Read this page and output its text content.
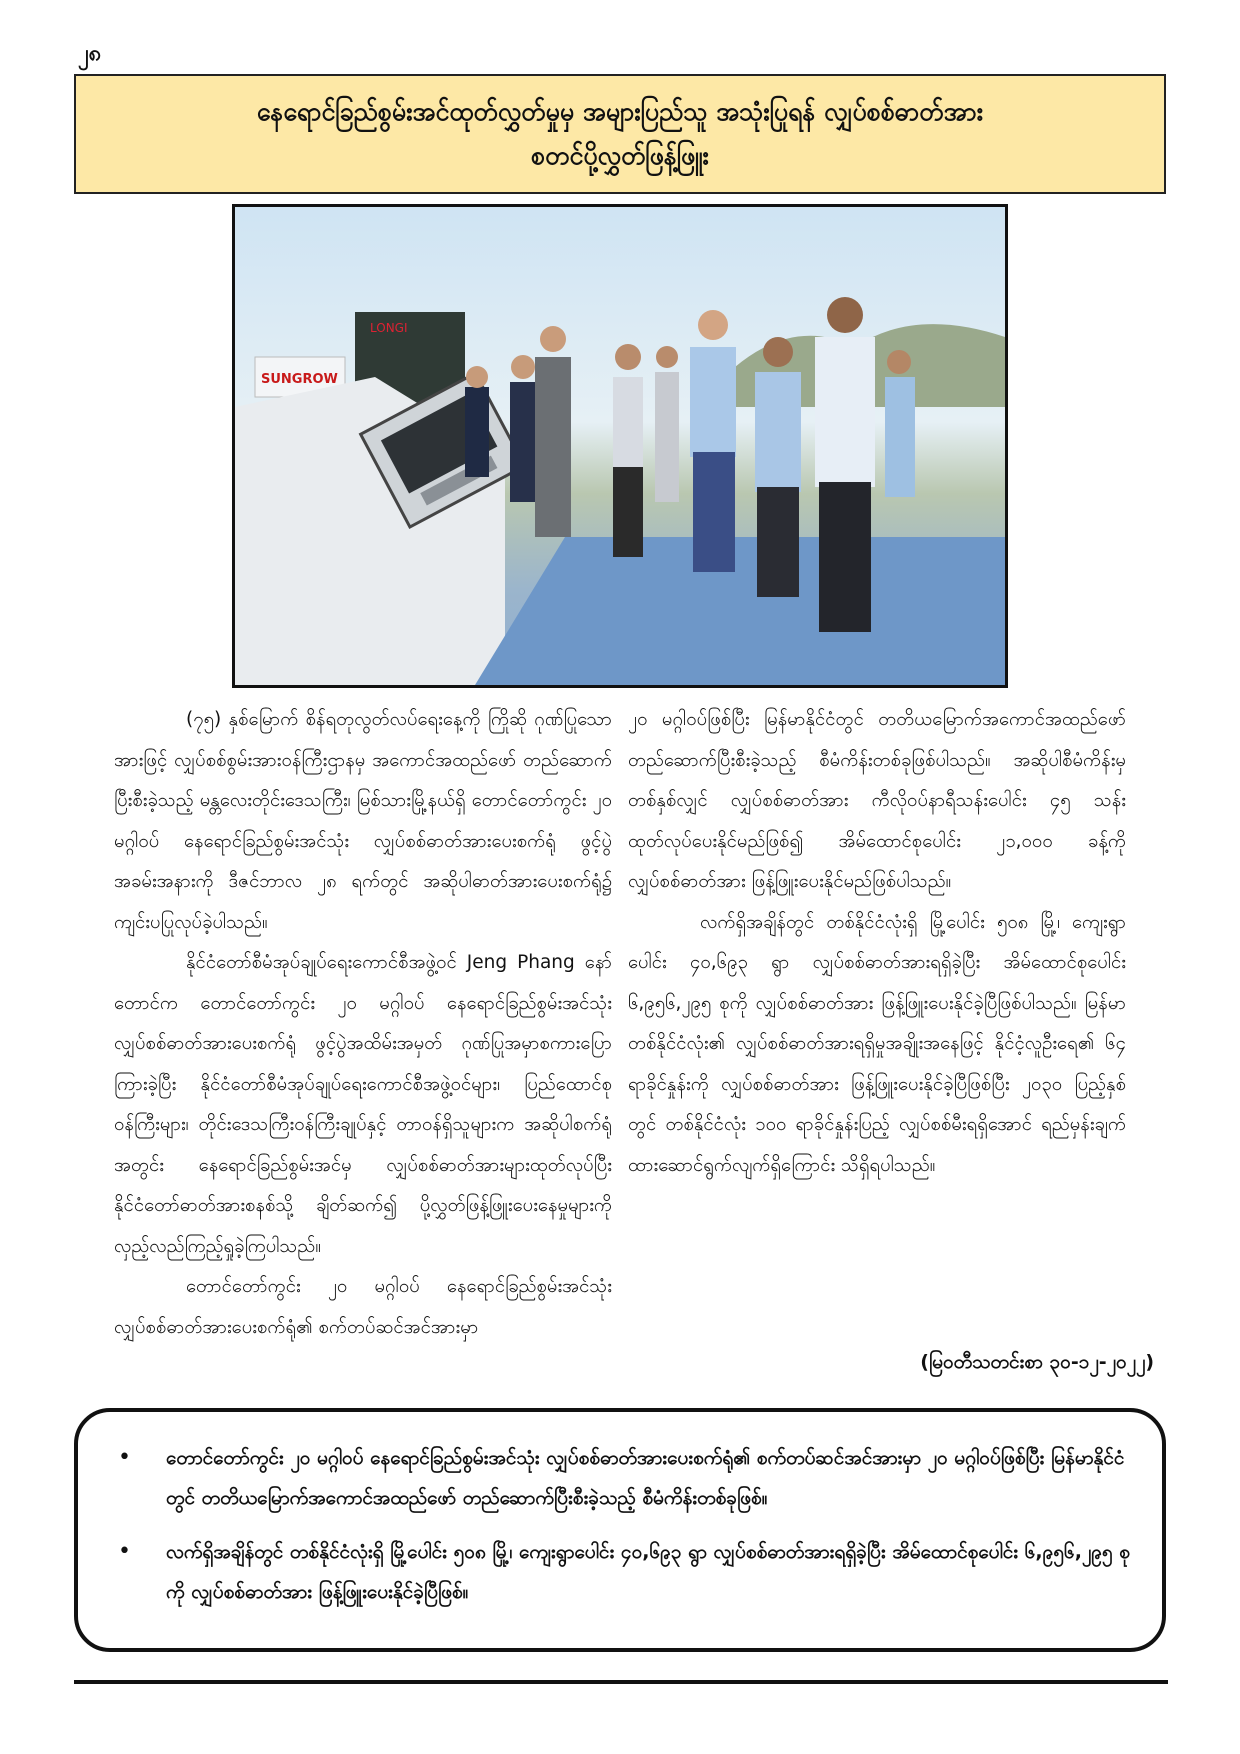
၂၈
နေရောင်ခြည်စွမ်းအင်ထုတ်လွှတ်မှုမှ အများပြည်သူ အသုံးပြုရန် လျှပ်စစ်ဓာတ်အား
စတင်ပို့လွှတ်ဖြန့်ဖြူး
LONGI
SUNGROW

(၇၅) နှစ်မြောက် စိန်ရတုလွတ်လပ်ရေးနေ့ကို ကြိုဆို ဂုဏ်ပြုသောအားဖြင့် လျှပ်စစ်စွမ်းအားဝန်ကြီးဌာနမှ အကောင်အထည်ဖော် တည်ဆောက်ပြီးစီးခဲ့သည့် မန္တလေးတိုင်းဒေသကြီး၊ မြစ်သားမြို့နယ်ရှိ တောင်တော်ကွင်း ၂၀ မဂ္ဂါဝပ် နေရောင်ခြည်စွမ်းအင်သုံး လျှပ်စစ်ဓာတ်အားပေးစက်ရုံ ဖွင့်ပွဲအခမ်းအနားကို ဒီဇင်ဘာလ ၂၈ ရက်တွင် အဆိုပါဓာတ်အားပေးစက်ရုံ၌ ကျင်းပပြုလုပ်ခဲ့ပါသည်။

နိုင်ငံတော်စီမံအုပ်ချုပ်ရေးကောင်စီအဖွဲ့ဝင် Jeng Phang နော်တောင်က တောင်တော်ကွင်း ၂၀ မဂ္ဂါဝပ် နေရောင်ခြည်စွမ်းအင်သုံး လျှပ်စစ်ဓာတ်အားပေးစက်ရုံ ဖွင့်ပွဲအထိမ်းအမှတ် ဂုဏ်ပြုအမှာစကားပြောကြားခဲ့ပြီး နိုင်ငံတော်စီမံအုပ်ချုပ်ရေးကောင်စီအဖွဲ့ဝင်များ၊ ပြည်ထောင်စုဝန်ကြီးများ၊ တိုင်းဒေသကြီးဝန်ကြီးချုပ်နှင့် တာဝန်ရှိသူများက အဆိုပါစက်ရုံအတွင်း နေရောင်ခြည်စွမ်းအင်မှ လျှပ်စစ်ဓာတ်အားများထုတ်လုပ်ပြီး နိုင်ငံတော်ဓာတ်အားစနစ်သို့ ချိတ်ဆက်၍ ပို့လွှတ်ဖြန့်ဖြူးပေးနေမှုများကို လှည့်လည်ကြည့်ရှုခဲ့ကြပါသည်။

တောင်တော်ကွင်း ၂၀ မဂ္ဂါဝပ် နေရောင်ခြည်စွမ်းအင်သုံး လျှပ်စစ်ဓာတ်အားပေးစက်ရုံ၏ စက်တပ်ဆင်အင်အားမှာ

၂၀ မဂ္ဂါဝပ်ဖြစ်ပြီး မြန်မာနိုင်ငံတွင် တတိယမြောက်အကောင်အထည်ဖော် တည်ဆောက်ပြီးစီးခဲ့သည့် စီမံကိန်းတစ်ခုဖြစ်ပါသည်။ အဆိုပါစီမံကိန်းမှ တစ်နှစ်လျှင် လျှပ်စစ်ဓာတ်အား ကီလိုဝပ်နာရီသန်းပေါင်း ၄၅ သန်း ထုတ်လုပ်ပေးနိုင်မည်ဖြစ်၍ အိမ်ထောင်စုပေါင်း ၂၁,၀၀၀ ခန့်ကို လျှပ်စစ်ဓာတ်အား ဖြန့်ဖြူးပေးနိုင်မည်ဖြစ်ပါသည်။

လက်ရှိအချိန်တွင် တစ်နိုင်ငံလုံးရှိ မြို့ပေါင်း ၅၀၈ မြို့၊ ကျေးရွာပေါင်း ၄၀,၆၉၃ ရွာ လျှပ်စစ်ဓာတ်အားရရှိခဲ့ပြီး အိမ်ထောင်စုပေါင်း ၆,၉၅၆,၂၉၅ စုကို လျှပ်စစ်ဓာတ်အား ဖြန့်ဖြူးပေးနိုင်ခဲ့ပြီဖြစ်ပါသည်။ မြန်မာတစ်နိုင်ငံလုံး၏ လျှပ်စစ်ဓာတ်အားရရှိမှုအချိုးအနေဖြင့် နိုင်ငံ့လူဦးရေ၏ ၆၄ ရာခိုင်နှုန်းကို လျှပ်စစ်ဓာတ်အား ဖြန့်ဖြူးပေးနိုင်ခဲ့ပြီဖြစ်ပြီး ၂၀၃၀ ပြည့်နှစ်တွင် တစ်နိုင်ငံလုံး ၁၀၀ ရာခိုင်နှုန်းပြည့် လျှပ်စစ်မီးရရှိအောင် ရည်မှန်းချက်ထားဆောင်ရွက်လျက်ရှိကြောင်း သိရှိရပါသည်။

(မြဝတီသတင်းစာ ၃၀-၁၂-၂၀၂၂)
•	တောင်တော်ကွင်း ၂၀ မဂ္ဂါဝပ် နေရောင်ခြည်စွမ်းအင်သုံး လျှပ်စစ်ဓာတ်အားပေးစက်ရုံ၏ စက်တပ်ဆင်အင်အားမှာ ၂၀ မဂ္ဂါဝပ်ဖြစ်ပြီး မြန်မာနိုင်ငံတွင် တတိယမြောက်အကောင်အထည်ဖော် တည်ဆောက်ပြီးစီးခဲ့သည့် စီမံကိန်းတစ်ခုဖြစ်။
•	လက်ရှိအချိန်တွင် တစ်နိုင်ငံလုံးရှိ မြို့ပေါင်း ၅၀၈ မြို့၊ ကျေးရွာပေါင်း ၄၀,၆၉၃ ရွာ လျှပ်စစ်ဓာတ်အားရရှိခဲ့ပြီး အိမ်ထောင်စုပေါင်း ၆,၉၅၆,၂၉၅ စုကို လျှပ်စစ်ဓာတ်အား ဖြန့်ဖြူးပေးနိုင်ခဲ့ပြီဖြစ်။
